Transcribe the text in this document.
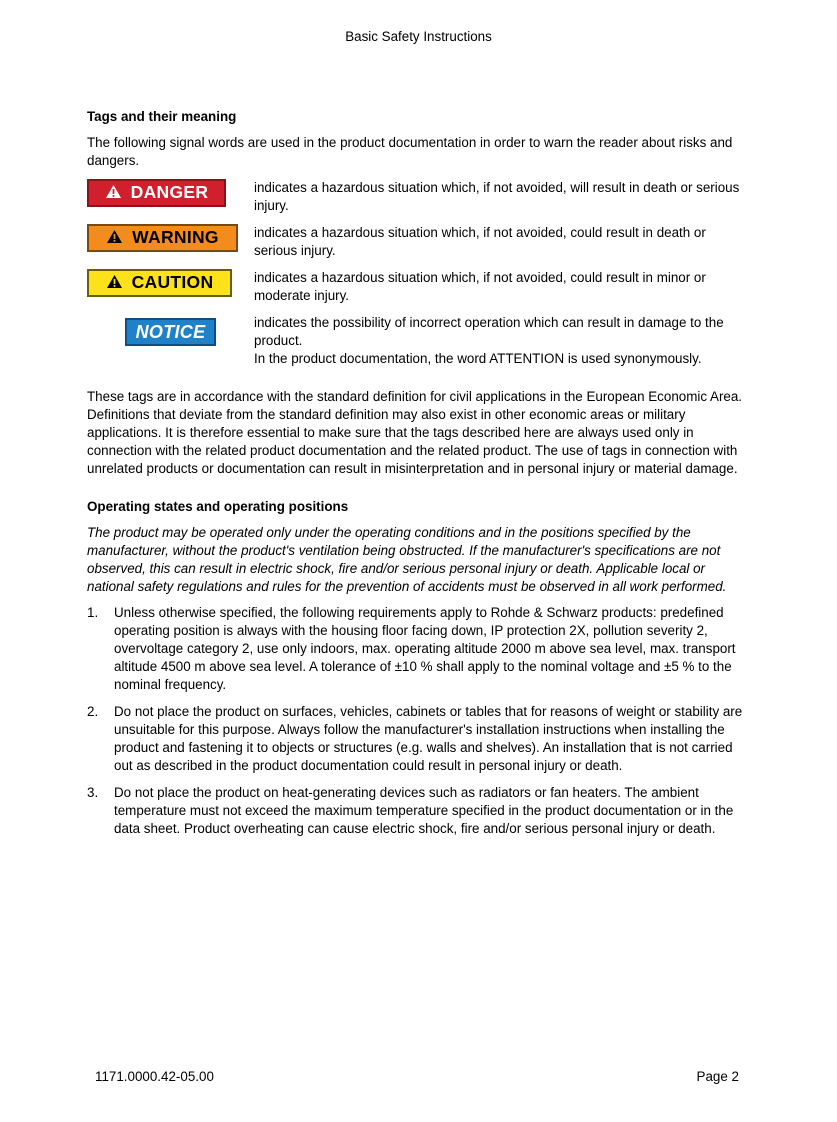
Basic Safety Instructions

Tags and their meaning

The following signal words are used in the product documentation in order to warn the reader about risks and dangers.

DANGER	indicates a hazardous situation which, if not avoided, will result in death or serious injury.

WARNING	indicates a hazardous situation which, if not avoided, could result in death or serious injury.

CAUTION	indicates a hazardous situation which, if not avoided, could result in minor or moderate injury.

NOTICE	indicates the possibility of incorrect operation which can result in damage to the product.

In the product documentation, the word ATTENTION is used synonymously.

These tags are in accordance with the standard definition for civil applications in the European Economic Area. Definitions that deviate from the standard definition may also exist in other economic areas or military applications. It is therefore essential to make sure that the tags described here are always used only in connection with the related product documentation and the related product. The use of tags in connection with unrelated products or documentation can result in misinterpretation and in personal injury or material damage.

Operating states and operating positions

The product may be operated only under the operating conditions and in the positions specified by the manufacturer, without the product's ventilation being obstructed. If the manufacturer's specifications are not observed, this can result in electric shock, fire and/or serious personal injury or death. Applicable local or national safety regulations and rules for the prevention of accidents must be observed in all work performed.

1. Unless otherwise specified, the following requirements apply to Rohde & Schwarz products: predefined operating position is always with the housing floor facing down, IP protection 2X, pollution severity 2, overvoltage category 2, use only indoors, max. operating altitude 2000 m above sea level, max. transport altitude 4500 m above sea level. A tolerance of ±10 % shall apply to the nominal voltage and ±5 % to the nominal frequency.
2. Do not place the product on surfaces, vehicles, cabinets or tables that for reasons of weight or stability are unsuitable for this purpose. Always follow the manufacturer's installation instructions when installing the product and fastening it to objects or structures (e.g. walls and shelves). An installation that is not carried out as described in the product documentation could result in personal injury or death.
3. Do not place the product on heat-generating devices such as radiators or fan heaters. The ambient temperature must not exceed the maximum temperature specified in the product documentation or in the data sheet. Product overheating can cause electric shock, fire and/or serious personal injury or death.
1171.0000.42-05.00	Page 2
